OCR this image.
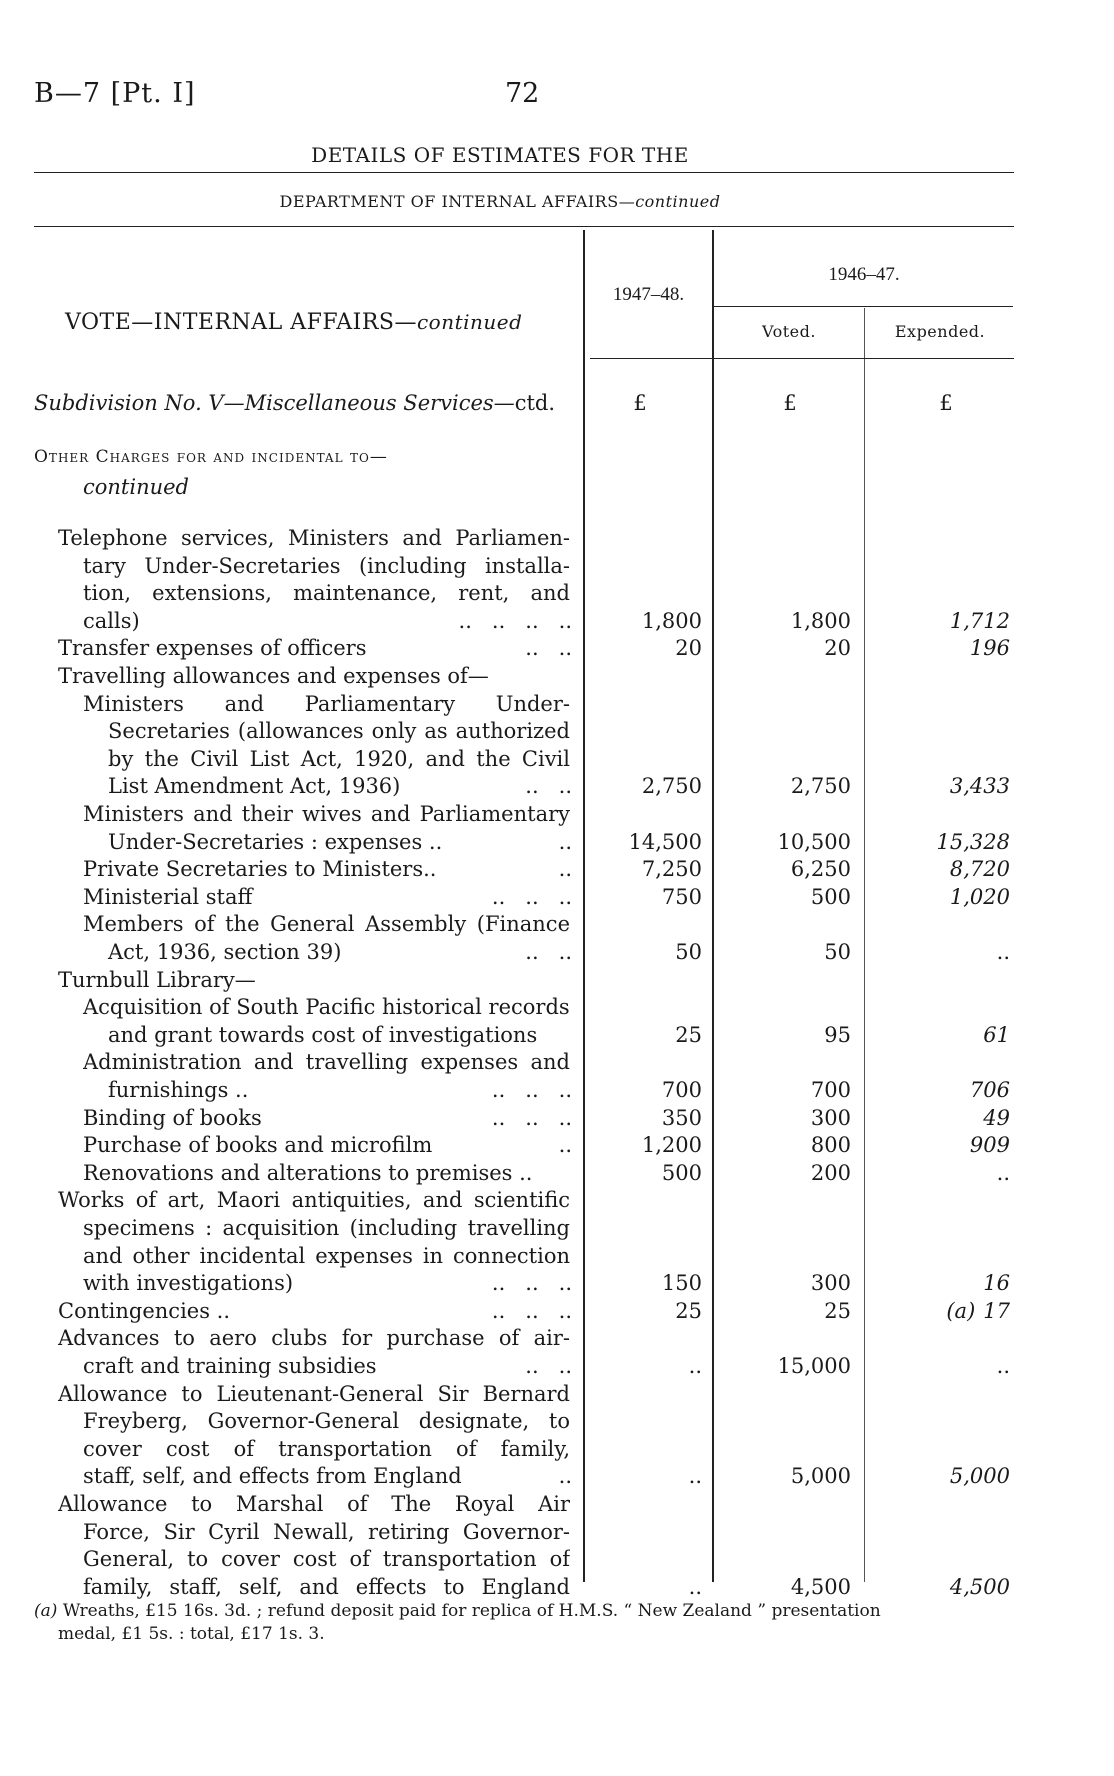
B—7 [Pt. I]	72
DETAILS OF ESTIMATES FOR THE
DEPARTMENT OF INTERNAL AFFAIRS—continued
1947–48.
1946–47.
Voted.	Expended.
VOTE—INTERNAL AFFAIRS—continued
Subdivision No. V—Miscellaneous Services—ctd.	£	£	£
Other Charges for and incidental to—
continued
Telephone services, Ministers and Parliamen-
tary Under-Secretaries (including installa-
tion, extensions, maintenance, rent, and
calls)	..   ..   ..   ..	1,800	1,800	1,712
Transfer expenses of officers	..   ..	20	20	196
Travelling allowances and expenses of—
Ministers and Parliamentary Under-
Secretaries (allowances only as authorized
by the Civil List Act, 1920, and the Civil
List Amendment Act, 1936)	..   ..	2,750	2,750	3,433
Ministers and their wives and Parliamentary
Under-Secretaries : expenses ..	..	14,500	10,500	15,328
Private Secretaries to Ministers..	..	7,250	6,250	8,720
Ministerial staff	..   ..   ..	750	500	1,020
Members of the General Assembly (Finance
Act, 1936, section 39)	..   ..	50	50	..
Turnbull Library—
Acquisition of South Pacific historical records
and grant towards cost of investigations	25	95	61
Administration and travelling expenses and
furnishings ..	..   ..   ..	700	700	706
Binding of books	..   ..   ..	350	300	49
Purchase of books and microfilm	..	1,200	800	909
Renovations and alterations to premises ..	500	200	..
Works of art, Maori antiquities, and scientific
specimens : acquisition (including travelling
and other incidental expenses in connection
with investigations)	..   ..   ..	150	300	16
Contingencies ..	..   ..   ..	25	25	(a) 17
Advances to aero clubs for purchase of air-
craft and training subsidies	..   ..	..	15,000	..
Allowance to Lieutenant-General Sir Bernard
Freyberg, Governor-General designate, to
cover cost of transportation of family,
staff, self, and effects from England	..	..	5,000	5,000
Allowance to Marshal of The Royal Air
Force, Sir Cyril Newall, retiring Governor-
General, to cover cost of transportation of
family, staff, self, and effects to England	..	4,500	4,500
(a) Wreaths, £15 16s. 3d. ; refund deposit paid for replica of H.M.S. “ New Zealand ” presentation
medal, £1 5s. : total, £17 1s. 3.
